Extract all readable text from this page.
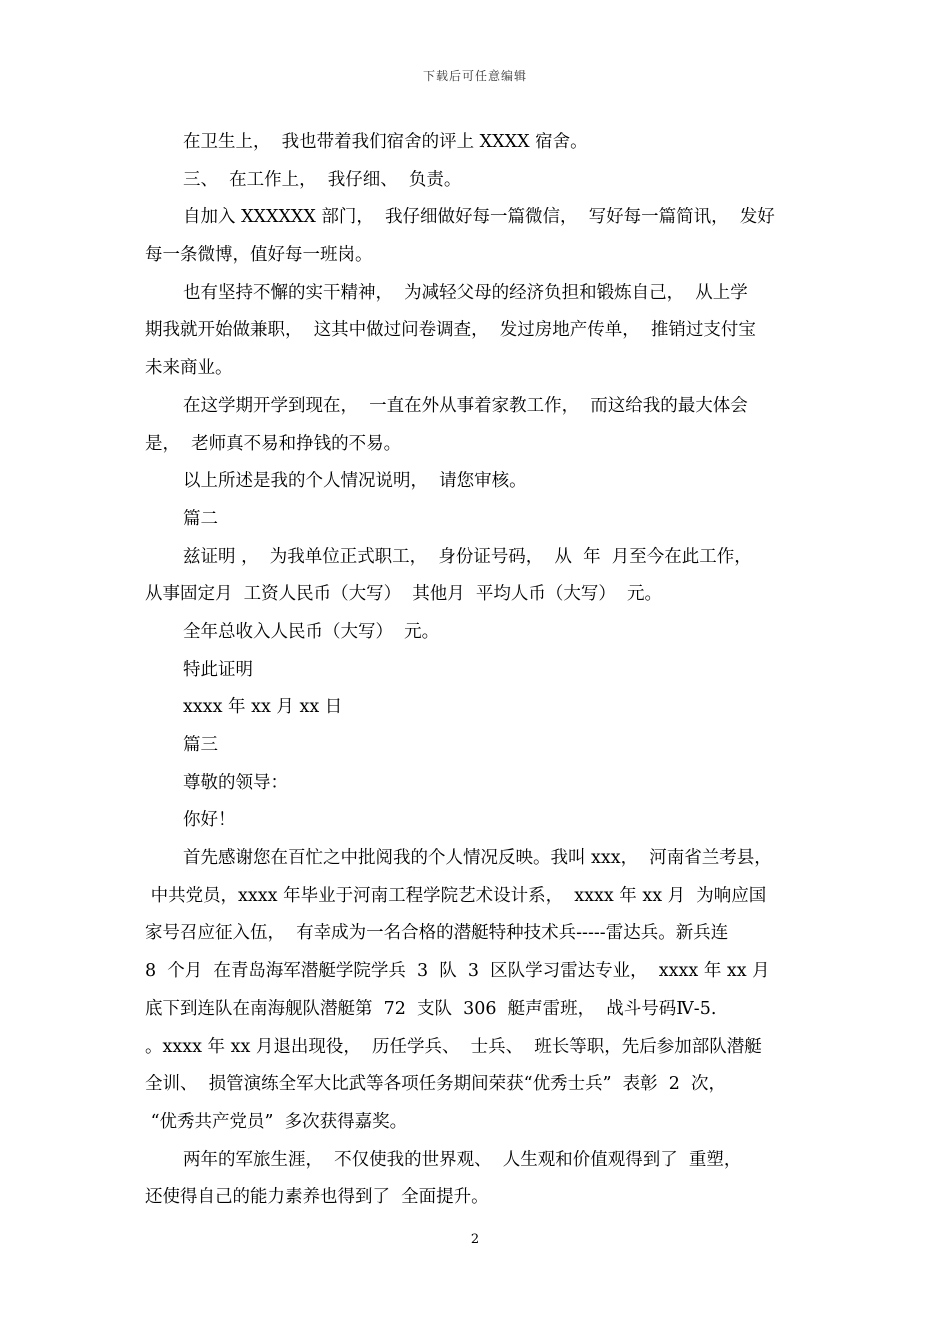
下载后可任意编辑
在卫生上，  我也带着我们宿舍的评上 XXXX 宿舍。
三、  在工作上，  我仔细、  负责。
自加入 XXXXXX 部门，  我仔细做好每一篇微信，  写好每一篇简讯，  发好
每一条微博，值好每一班岗。
也有坚持不懈的实干精神，  为减轻父母的经济负担和锻炼自己，  从上学
期我就开始做兼职，  这其中做过问卷调查，  发过房地产传单，  推销过支付宝
未来商业。
在这学期开学到现在，  一直在外从事着家教工作，  而这给我的最大体会
是，  老师真不易和挣钱的不易。
以上所述是我的个人情况说明，  请您审核。
篇二
兹证明 ，  为我单位正式职工，  身份证号码，  从  年  月至今在此工作，
从事固定月  工资人民币（大写）  其他月  平均人币（大写）  元。
全年总收入人民币（大写）  元。
特此证明
xxxx 年 xx 月 xx 日
篇三
尊敬的领导：
你好！
首先感谢您在百忙之中批阅我的个人情况反映。我叫 xxx，  河南省兰考县，
中共党员，xxxx 年毕业于河南工程学院艺术设计系，  xxxx 年 xx 月  为响应国
家号召应征入伍，  有幸成为一名合格的潜艇特种技术兵-----雷达兵。新兵连
8  个月  在青岛海军潜艇学院学兵  3  队  3  区队学习雷达专业，  xxxx 年 xx 月
底下到连队在南海舰队潜艇第  72  支队  306  艇声雷班，  战斗号码Ⅳ-5.
。xxxx 年 xx 月退出现役，  历任学兵、  士兵、  班长等职，先后参加部队潜艇
全训、  损管演练全军大比武等各项任务期间荣获“优秀士兵”  表彰  2  次，
“优秀共产党员”  多次获得嘉奖。
两年的军旅生涯，  不仅使我的世界观、  人生观和价值观得到了  重塑，
还使得自己的能力素养也得到了  全面提升。
2
